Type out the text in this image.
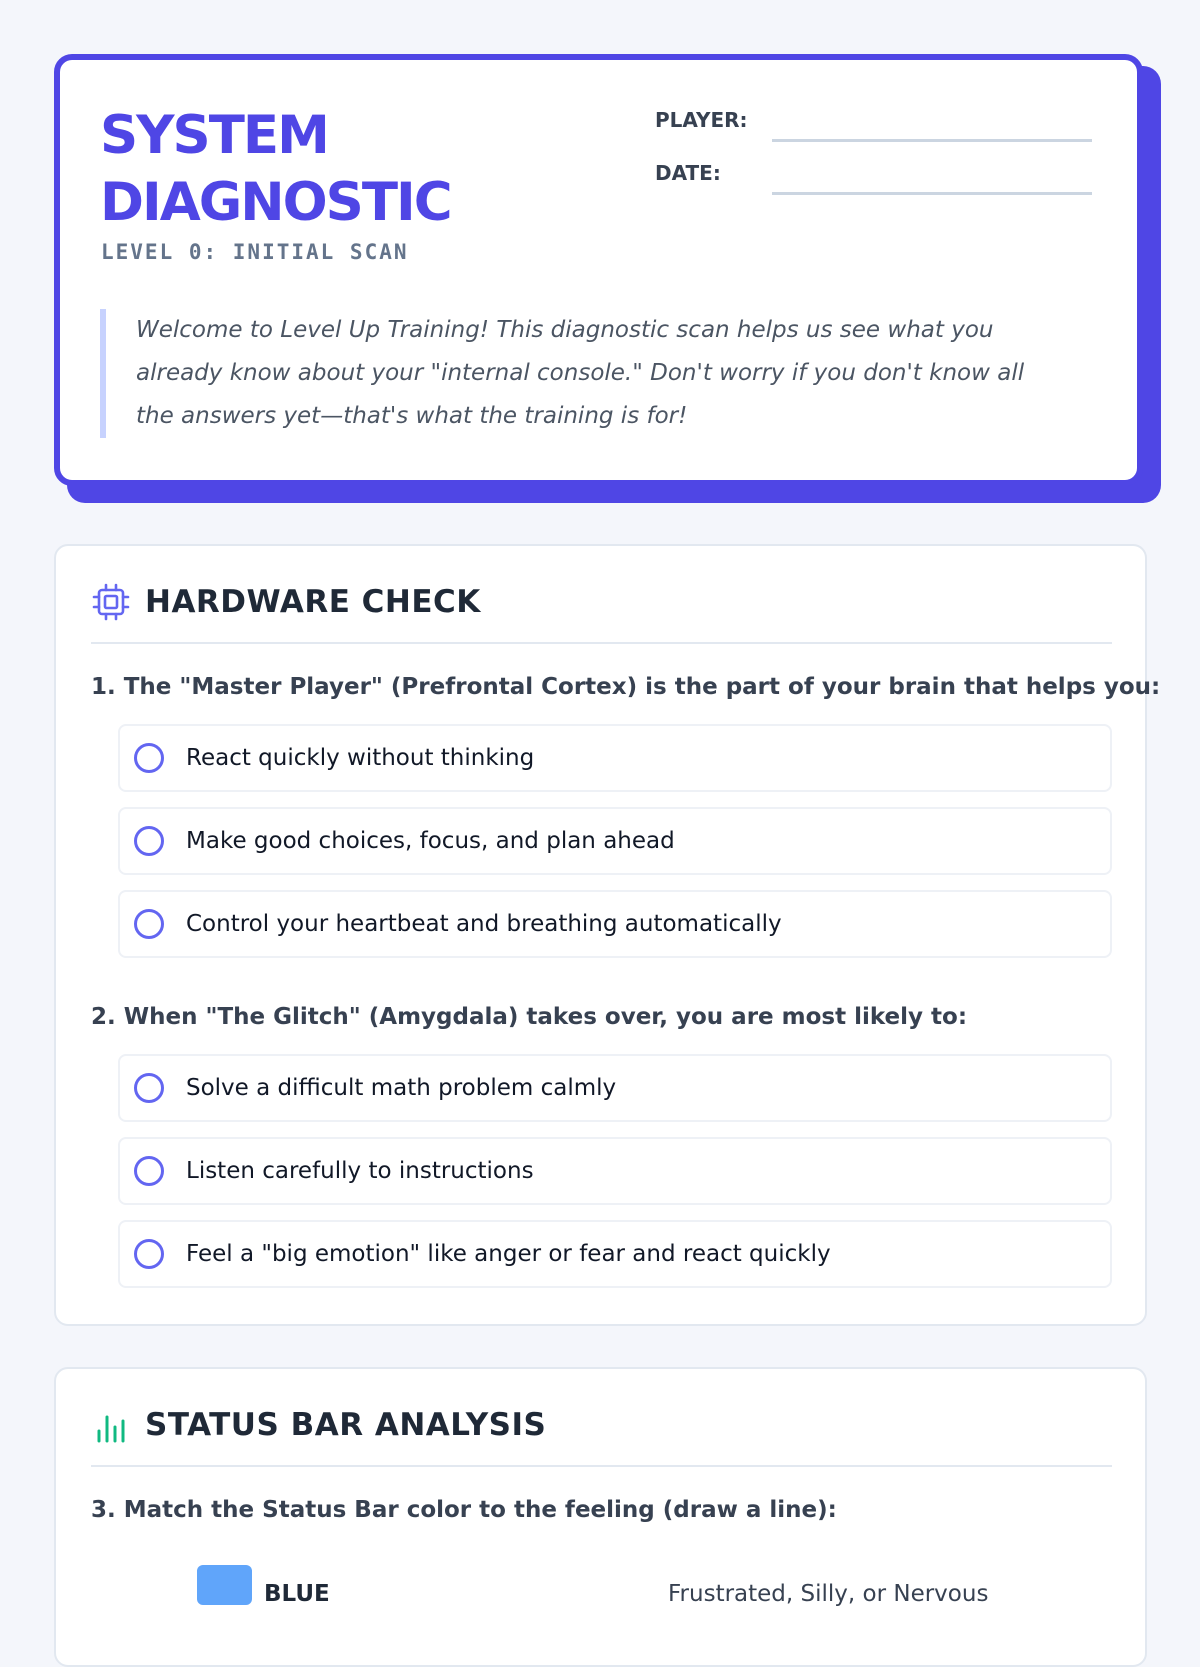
SYSTEM
DIAGNOSTIC
LEVEL 0: INITIAL SCAN
PLAYER:
DATE:
Welcome to Level Up Training! This diagnostic scan helps us see what you already know about your "internal console." Don't worry if you don't know all the answers yet—that's what the training is for!
HARDWARE CHECK
1. The "Master Player" (Prefrontal Cortex) is the part of your brain that helps you:
React quickly without thinking
Make good choices, focus, and plan ahead
Control your heartbeat and breathing automatically
2. When "The Glitch" (Amygdala) takes over, you are most likely to:
Solve a difficult math problem calmly
Listen carefully to instructions
Feel a "big emotion" like anger or fear and react quickly
STATUS BAR ANALYSIS
3. Match the Status Bar color to the feeling (draw a line):
BLUE	Frustrated, Silly, or Nervous
